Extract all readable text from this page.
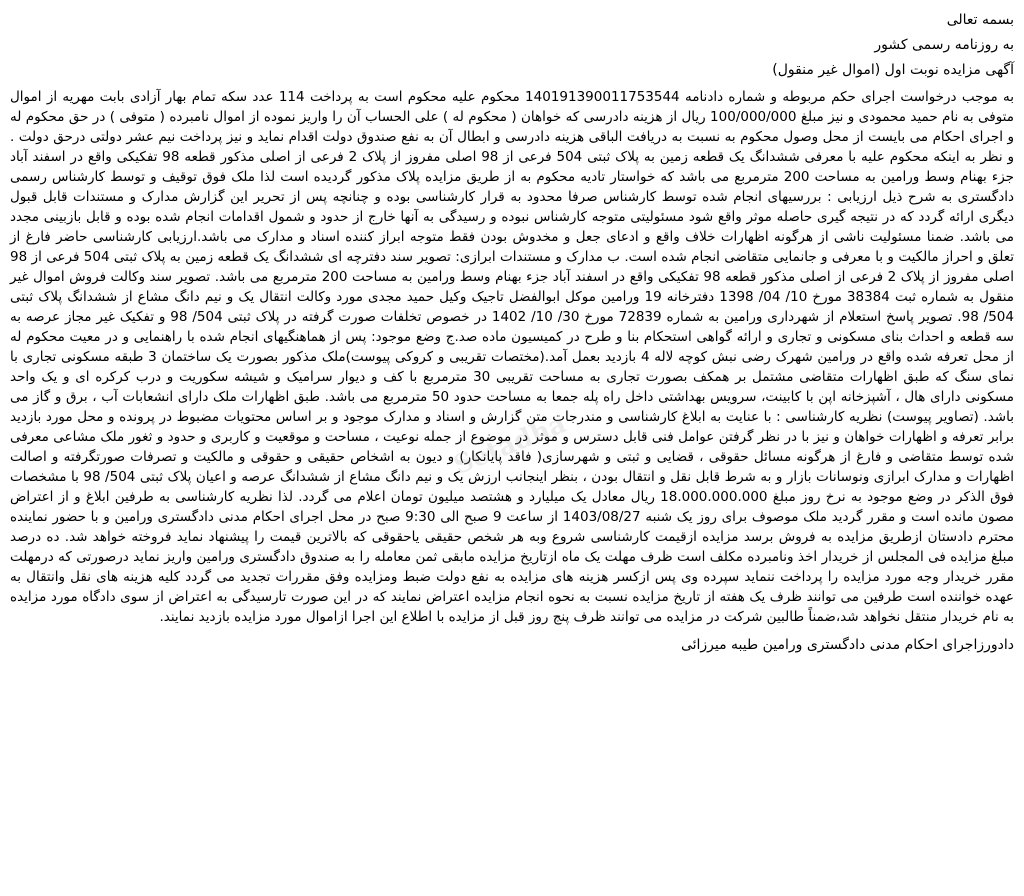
بسمه تعالی
به روزنامه رسمی کشور
آگهی مزایده نوبت اول (اموال غیر منقول)
به موجب درخواست اجرای حکم مربوطه و شماره دادنامه 140191390011753544 محکوم علیه محکوم است به پرداخت 114 عدد سکه تمام بهار آزادی بابت مهریه از اموال متوفی به نام حمید محمودی و نیز مبلغ 100/000/000 ریال از هزینه دادرسی که خواهان ( محکوم له ) علی الحساب آن را واریز نموده از اموال نامبرده ( متوفی ) در حق محکوم له و اجرای احکام می بایست از محل وصول محکوم به نسبت به دریافت الباقی هزینه دادرسی و ابطال آن به نفع صندوق دولت اقدام نماید و نیز پرداخت نیم عشر دولتی درحق دولت . و نظر به اینکه محکوم علیه با معرفی ششدانگ یک قطعه زمین به پلاک ثبتی 504 فرعی از 98 اصلی مفروز از پلاک 2 فرعی از اصلی مذکور قطعه 98 تفکیکی واقع در اسفند آباد جزء بهنام وسط ورامین به مساحت 200 مترمربع می باشد که خواستار تادیه محکوم به از طریق مزایده پلاک مذکور گردیده است لذا ملک فوق توقیف و توسط کارشناس رسمی دادگستری به شرح ذیل ارزیابی : بررسیهای انجام شده توسط کارشناس صرفا محدود به قرار کارشناسی بوده و چنانچه پس از تحریر این گزارش مدارک و مستندات قابل قبول دیگری ارائه گردد که در نتیجه گیری حاصله موثر واقع شود مسئولیتی متوجه کارشناس نبوده و رسیدگی به آنها خارج از حدود و شمول اقدامات انجام شده بوده و قابل بازبینی مجدد می باشد. ضمنا مسئولیت ناشی از هرگونه اظهارات خلاف واقع و ادعای جعل و مخدوش بودن فقط متوجه ابراز کننده اسناد و مدارک می باشد.ارزیابی کارشناسی حاضر فارغ از تعلق و احراز مالکیت و با معرفی و جانمایی متقاضی انجام شده است. ب مدارک و مستندات ابرازی: تصویر سند دفترچه ای ششدانگ یک قطعه زمین به پلاک ثبتی 504 فرعی از 98 اصلی مفروز از پلاک 2 فرعی از اصلی مذکور قطعه 98 تفکیکی واقع در اسفند آباد جزء بهنام وسط ورامین به مساحت 200 مترمربع می باشد. تصویر سند وکالت فروش اموال غیر منقول به شماره ثبت 38384 مورخ 10/ 04/ 1398 دفترخانه 19 ورامین موکل ابوالفضل تاجیک وکیل حمید مجدی مورد وکالت انتقال یک و نیم دانگ مشاع از ششدانگ پلاک ثبتی 504/ 98. تصویر پاسخ استعلام از شهرداری ورامین به شماره 72839 مورخ 30/ 10/ 1402 در خصوص تخلفات صورت گرفته در پلاک ثبتی 504/ 98 و تفکیک غیر مجاز عرصه به سه قطعه و احداث بنای مسکونی و تجاری و ارائه گواهی استحکام بنا و طرح در کمیسیون ماده صد.ج وضع موجود: پس از هماهنگیهای انجام شده با راهنمایی و در معیت محکوم له از محل تعرفه شده واقع در ورامین شهرک رضی نبش کوچه لاله 4 بازدید بعمل آمد.(مختصات تقریبی و کروکی پیوست)ملک مذکور بصورت یک ساختمان 3 طبقه مسکونی تجاری با نمای سنگ که طبق اظهارات متقاضی مشتمل بر همکف بصورت تجاری به مساحت تقریبی 30 مترمربع با کف و دیوار سرامیک و شیشه سکوریت و درب کرکره ای و یک واحد مسکونی دارای هال ، آشپزخانه اپن با کابینت، سرویس بهداشتی داخل راه پله جمعا به مساحت حدود 50 مترمربع می باشد. طبق اظهارات ملک دارای انشعابات آب ، برق و گاز می باشد. (تصاویر پیوست) نظریه کارشناسی : با عنایت به ابلاغ کارشناسی و مندرجات متن گزارش و اسناد و مدارک موجود و بر اساس محتویات مضبوط در پرونده و محل مورد بازدید برابر تعرفه و اظهارات خواهان و نیز با در نظر گرفتن عوامل فنی قابل دسترس و موثر در موضوع از جمله نوعیت ، مساحت و موقعیت و کاربری و حدود و ثغور ملک مشاعی معرفی شده توسط متقاضی و فارغ از هرگونه مسائل حقوقی ، قضایی و ثبتی و شهرسازی( فاقد پایانکار) و دیون به اشخاص حقیقی و حقوقی و مالکیت و تصرفات صورتگرفته و اصالت اظهارات و مدارک ابرازی ونوسانات بازار و به شرط قابل نقل و انتقال بودن ، بنظر اینجانب ارزش یک و نیم دانگ مشاع از ششدانگ عرصه و اعیان پلاک ثبتی 504/ 98 با مشخصات فوق الذکر در وضع موجود به نرخ روز مبلغ 18.000.000.000 ریال معادل یک میلیارد و هشتصد میلیون تومان اعلام می گردد. لذا نظریه کارشناسی به طرفین ابلاغ و از اعتراض مصون مانده است و مقرر گردید ملک موصوف برای روز یک شنبه 1403/08/27 از ساعت 9 صبح الی 9:30 صبح در محل اجرای احکام مدنی دادگستری ورامین و با حضور نماینده محترم دادستان ازطریق مزایده به فروش برسد مزایده ازقیمت کارشناسی شروع وبه هر شخص حقیقی یاحقوقی که بالاترین قیمت را پیشنهاد نماید فروخته خواهد شد. ده درصد مبلغ مزایده فی المجلس از خریدار اخذ ونامبرده مکلف است ظرف مهلت یک ماه ازتاریخ مزایده مابقی ثمن معامله را به صندوق دادگستری ورامین واریز نماید درصورتی که درمهلت مقرر خریدار وجه مورد مزایده را پرداخت ننماید سپرده وی پس ازکسر هزینه های مزایده به نفع دولت ضبط ومزایده وفق مقررات تجدید می گردد کلیه هزینه های نقل وانتقال به عهده خواننده است طرفین می توانند ظرف یک هفته از تاریخ مزایده نسبت به نحوه انجام مزایده اعتراض نمایند که در این صورت تارسیدگی به اعتراض از سوی دادگاه مورد مزایده به نام خریدار منتقل نخواهد شد،ضمناً طالبین شرکت در مزایده می توانند ظرف پنج روز قبل از مزایده با اطلاع این اجرا ازاموال مورد مزایده بازدید نمایند.
دادورزاجرای احکام مدنی دادگستری ورامین طیبه میرزائی
Setadha
